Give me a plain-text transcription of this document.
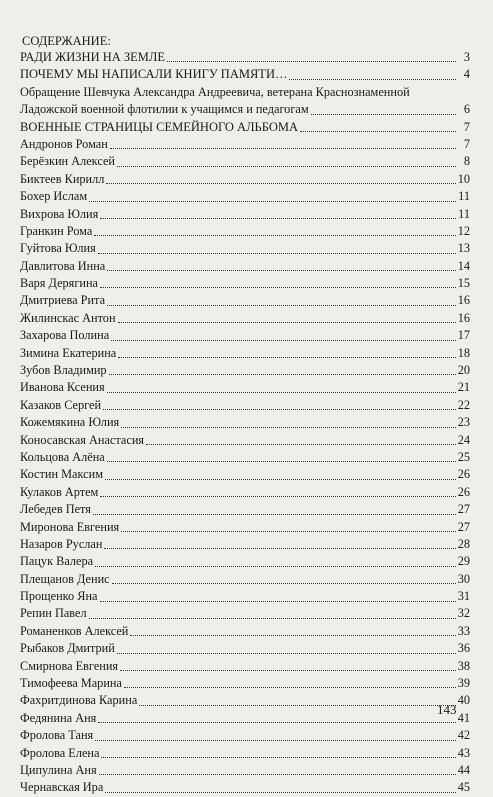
СОДЕРЖАНИЕ:
РАДИ ЖИЗНИ НА ЗЕМЛЕ	3
ПОЧЕМУ МЫ НАПИСАЛИ КНИГУ ПАМЯТИ…	4
Обращение Шевчука Александра Андреевича, ветерана Краснознаменной
Ладожской военной флотилии к учащимся и педагогам	6
ВОЕННЫЕ СТРАНИЦЫ СЕМЕЙНОГО АЛЬБОМА	7
Андронов Роман	7
Берёзкин Алексей	8
Биктеев Кирилл	10
Бохер Ислам	11
Вихрова Юлия	11
Гранкин Рома	12
Гуйтова Юлия	13
Давлитова Инна	14
Варя Дерягина	15
Дмитриева Рита	16
Жилинскас Антон	16
Захарова Полина	17
Зимина Екатерина	18
Зубов Владимир	20
Иванова Ксения	21
Казаков Сергей	22
Кожемякина Юлия	23
Коносавская Анастасия	24
Кольцова Алёна	25
Костин Максим	26
Кулаков Артем	26
Лебедев Петя	27
Миронова Евгения	27
Назаров Руслан	28
Пацук Валера	29
Плещанов Денис	30
Прощенко Яна	31
Репин Павел	32
Романенков Алексей	33
Рыбаков Дмитрий	36
Смирнова Евгения	38
Тимофеева Марина	39
Фахритдинова Карина	40
Федянина Аня	41
Фролова Таня	42
Фролова Елена	43
Ципулина Аня	44
Чернавская Ира	45
143
